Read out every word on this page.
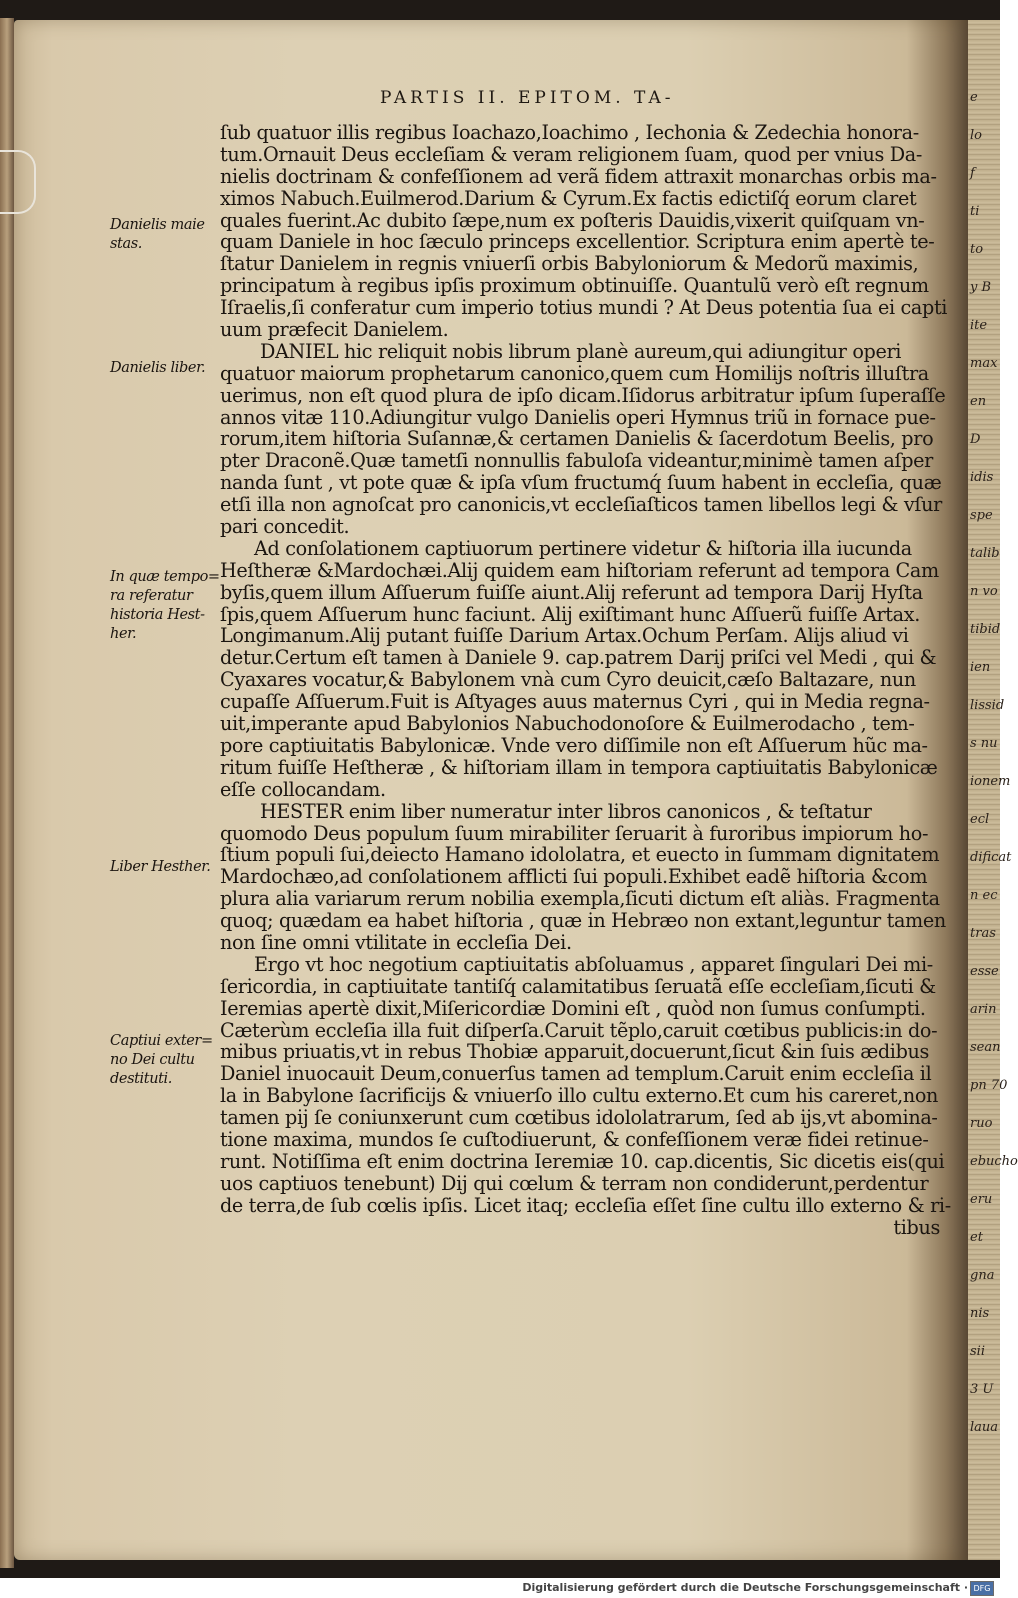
e
lo
f
ti
to
y B
ite
max
en
D
idis
spe
talib
n vo
tibid
ien
lissid
s nu
ionem
ecl
dificat
n ec
tras
esse
arin
sean
pn 70
ruo
ebucho
eru
et
gna
nis
sii
3 U
laua
PARTIS II. EPITOM. TA-
Danielis maie
stas.
Danielis liber.
In quæ tempo=
ra referatur
historia Hest-
her.
Liber Hesther.
Captiui exter=
no Dei cultu
destituti.
ſub quatuor illis regibus Ioachazo,Ioachimo , Iechonia & Zedechia honora-
tum.Ornauit Deus eccleſiam & veram religionem ſuam, quod per vnius Da-
nielis doctrinam & confeſſionem ad verã fidem attraxit monarchas orbis ma-
ximos Nabuch.Euilmerod.Darium & Cyrum.Ex factis edictiſq́ eorum claret
quales fuerint.Ac dubito ſæpe,num ex poſteris Dauidis,vixerit quiſquam vn-
quam Daniele in hoc ſæculo princeps excellentior. Scriptura enim apertè te-
ſtatur Danielem in regnis vniuerſi orbis Babyloniorum & Medorũ maximis,
principatum à regibus ipſis proximum obtinuiſſe. Quantulũ verò eſt regnum
Iſraelis,ſi conferatur cum imperio totius mundi ? At Deus potentia ſua ei capti
uum præfecit Danielem.
DANIEL hic reliquit nobis librum planè aureum,qui adiungitur operi
quatuor maiorum prophetarum canonico,quem cum Homilijs noſtris illuſtra
uerimus, non eſt quod plura de ipſo dicam.Iſidorus arbitratur ipſum ſuperaſſe
annos vitæ 110.Adiungitur vulgo Danielis operi Hymnus triũ in fornace pue-
rorum,item hiſtoria Suſannæ,& certamen Danielis & ſacerdotum Beelis, pro
pter Draconẽ.Quæ tametſi nonnullis fabuloſa videantur,minimè tamen aſper
nanda ſunt , vt pote quæ & ipſa vſum fructumq́ ſuum habent in eccleſia, quæ
etſi illa non agnoſcat pro canonicis,vt eccleſiaſticos tamen libellos legi & vſur
pari concedit.
Ad conſolationem captiuorum pertinere videtur & hiſtoria illa iucunda
Heſtheræ &Mardochæi.Alij quidem eam hiſtoriam referunt ad tempora Cam
byſis,quem illum Aſſuerum fuiſſe aiunt.Alij referunt ad tempora Darij Hyſta
ſpis,quem Aſſuerum hunc faciunt. Alij exiſtimant hunc Aſſuerũ fuiſſe Artax.
Longimanum.Alij putant fuiſſe Darium Artax.Ochum Perſam. Alijs aliud vi
detur.Certum eſt tamen à Daniele 9. cap.patrem Darij priſci vel Medi , qui &
Cyaxares vocatur,& Babylonem vnà cum Cyro deuicit,cæſo Baltazare, nun
cupaſſe Aſſuerum.Fuit is Aſtyages auus maternus Cyri , qui in Media regna-
uit,imperante apud Babylonios Nabuchodonoſore & Euilmerodacho , tem-
pore captiuitatis Babylonicæ. Vnde vero diſſimile non eſt Aſſuerum hũc ma-
ritum fuiſſe Heſtheræ , & hiſtoriam illam in tempora captiuitatis Babylonicæ
eſſe collocandam.
HESTER enim liber numeratur inter libros canonicos , & teſtatur
quomodo Deus populum ſuum mirabiliter ſeruarit à furoribus impiorum ho-
ſtium populi ſui,deiecto Hamano idololatra, et euecto in ſummam dignitatem
Mardochæo,ad conſolationem afflicti ſui populi.Exhibet eadẽ hiſtoria &com
plura alia variarum rerum nobilia exempla,ſicuti dictum eſt aliàs. Fragmenta
quoq; quædam ea habet hiſtoria , quæ in Hebræo non extant,leguntur tamen
non ſine omni vtilitate in eccleſia Dei.
Ergo vt hoc negotium captiuitatis abſoluamus , apparet ſingulari Dei mi-
ſericordia, in captiuitate tantiſq́ calamitatibus ſeruatã eſſe eccleſiam,ſicuti &
Ieremias apertè dixit,Miſericordiæ Domini eſt , quòd non ſumus conſumpti.
Cæterùm eccleſia illa fuit diſperſa.Caruit tẽplo,caruit cœtibus publicis:in do-
mibus priuatis,vt in rebus Thobiæ apparuit,docuerunt,ſicut &in ſuis ædibus
Daniel inuocauit Deum,conuerſus tamen ad templum.Caruit enim eccleſia il
la in Babylone ſacrificijs & vniuerſo illo cultu externo.Et cum his careret,non
tamen pij ſe coniunxerunt cum cœtibus idololatrarum, ſed ab ijs,vt abomina-
tione maxima, mundos ſe cuſtodiuerunt, & confeſſionem veræ fidei retinue-
runt. Notiſſima eſt enim doctrina Ieremiæ 10. cap.dicentis, Sic dicetis eis(qui
uos captiuos tenebunt) Dij qui cœlum & terram non condiderunt,perdentur
de terra,de ſub cœlis ipſis. Licet itaq; eccleſia eſſet ſine cultu illo externo & ri-
tibus
Digitalisierung gefördert durch die Deutsche Forschungsgemeinschaft · DFG
